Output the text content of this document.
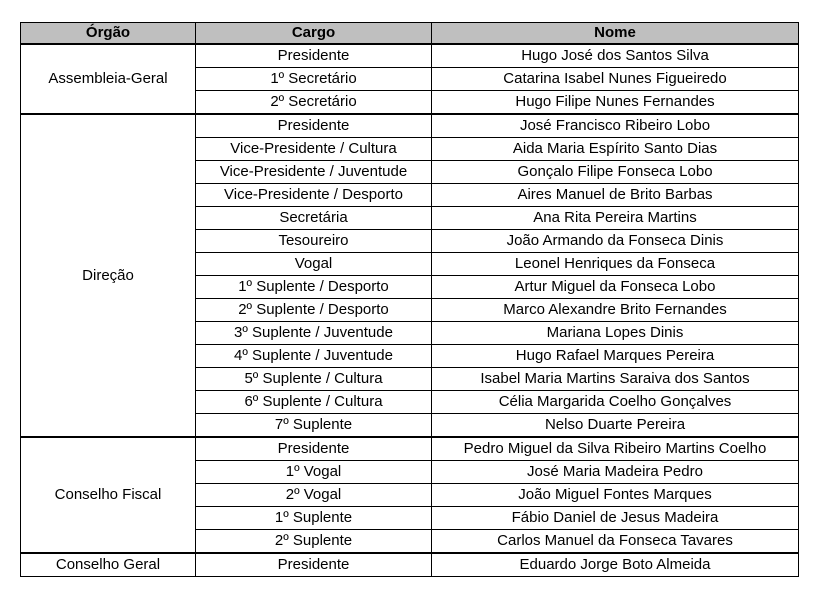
Órgão	Cargo	Nome
Assembleia-Geral	Presidente	Hugo José dos Santos Silva
	1º Secretário	Catarina Isabel Nunes Figueiredo
	2º Secretário	Hugo Filipe Nunes Fernandes
Direção	Presidente	José Francisco Ribeiro Lobo
	Vice-Presidente / Cultura	Aida Maria Espírito Santo Dias
	Vice-Presidente / Juventude	Gonçalo Filipe Fonseca Lobo
	Vice-Presidente / Desporto	Aires Manuel de Brito Barbas
	Secretária	Ana Rita Pereira Martins
	Tesoureiro	João Armando da Fonseca Dinis
	Vogal	Leonel Henriques da Fonseca
	1º Suplente / Desporto	Artur Miguel da Fonseca Lobo
	2º Suplente / Desporto	Marco Alexandre Brito Fernandes
	3º Suplente / Juventude	Mariana Lopes Dinis
	4º Suplente / Juventude	Hugo Rafael Marques Pereira
	5º Suplente / Cultura	Isabel Maria Martins Saraiva dos Santos
	6º Suplente / Cultura	Célia Margarida Coelho Gonçalves
	7º Suplente	Nelso Duarte Pereira
Conselho Fiscal	Presidente	Pedro Miguel da Silva Ribeiro Martins Coelho
	1º Vogal	José Maria Madeira Pedro
	2º Vogal	João Miguel Fontes Marques
	1º Suplente	Fábio Daniel de Jesus Madeira
	2º Suplente	Carlos Manuel da Fonseca Tavares
Conselho Geral	Presidente	Eduardo Jorge Boto Almeida
